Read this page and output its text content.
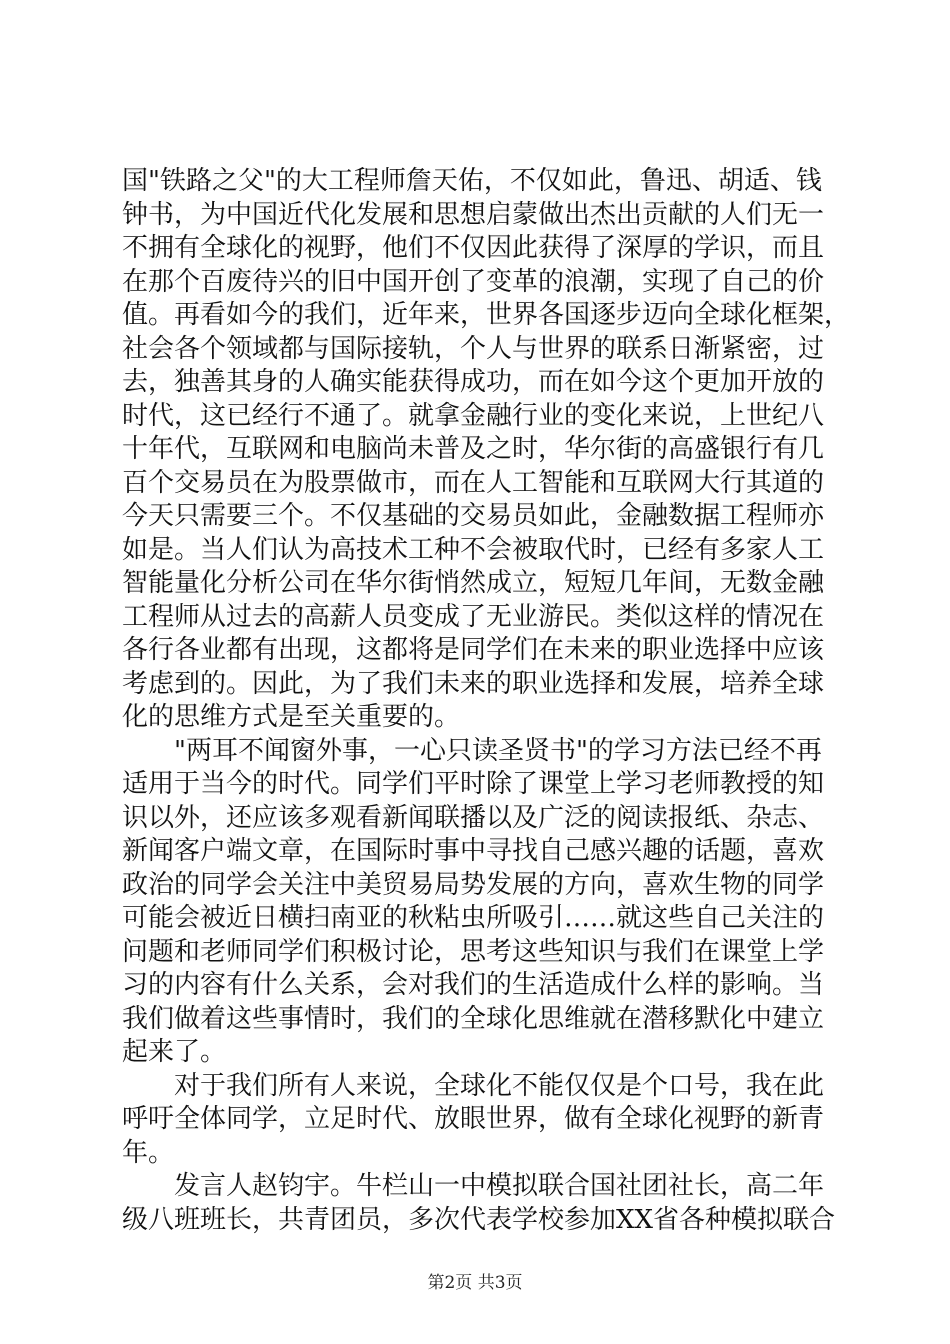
国"铁路之父"的大工程师詹天佑，不仅如此，鲁迅、胡适、钱
钟书，为中国近代化发展和思想启蒙做出杰出贡献的人们无一
不拥有全球化的视野，他们不仅因此获得了深厚的学识，而且
在那个百废待兴的旧中国开创了变革的浪潮，实现了自己的价
值。再看如今的我们，近年来，世界各国逐步迈向全球化框架，
社会各个领域都与国际接轨，个人与世界的联系日渐紧密，过
去，独善其身的人确实能获得成功，而在如今这个更加开放的
时代，这已经行不通了。就拿金融行业的变化来说，上世纪八
十年代，互联网和电脑尚未普及之时，华尔街的高盛银行有几
百个交易员在为股票做市，而在人工智能和互联网大行其道的
今天只需要三个。不仅基础的交易员如此，金融数据工程师亦
如是。当人们认为高技术工种不会被取代时，已经有多家人工
智能量化分析公司在华尔街悄然成立，短短几年间，无数金融
工程师从过去的高薪人员变成了无业游民。类似这样的情况在
各行各业都有出现，这都将是同学们在未来的职业选择中应该
考虑到的。因此，为了我们未来的职业选择和发展，培养全球
化的思维方式是至关重要的。

　　"两耳不闻窗外事，一心只读圣贤书"的学习方法已经不再
适用于当今的时代。同学们平时除了课堂上学习老师教授的知
识以外，还应该多观看新闻联播以及广泛的阅读报纸、杂志、
新闻客户端文章，在国际时事中寻找自己感兴趣的话题，喜欢
政治的同学会关注中美贸易局势发展的方向，喜欢生物的同学
可能会被近日横扫南亚的秋粘虫所吸引……就这些自己关注的
问题和老师同学们积极讨论，思考这些知识与我们在课堂上学
习的内容有什么关系，会对我们的生活造成什么样的影响。当
我们做着这些事情时，我们的全球化思维就在潜移默化中建立
起来了。

　　对于我们所有人来说，全球化不能仅仅是个口号，我在此
呼吁全体同学，立足时代、放眼世界，做有全球化视野的新青
年。

　　发言人赵钧宇。牛栏山一中模拟联合国社团社长，高二年
级八班班长，共青团员，多次代表学校参加XX省各种模拟联合

第2页 共3页
